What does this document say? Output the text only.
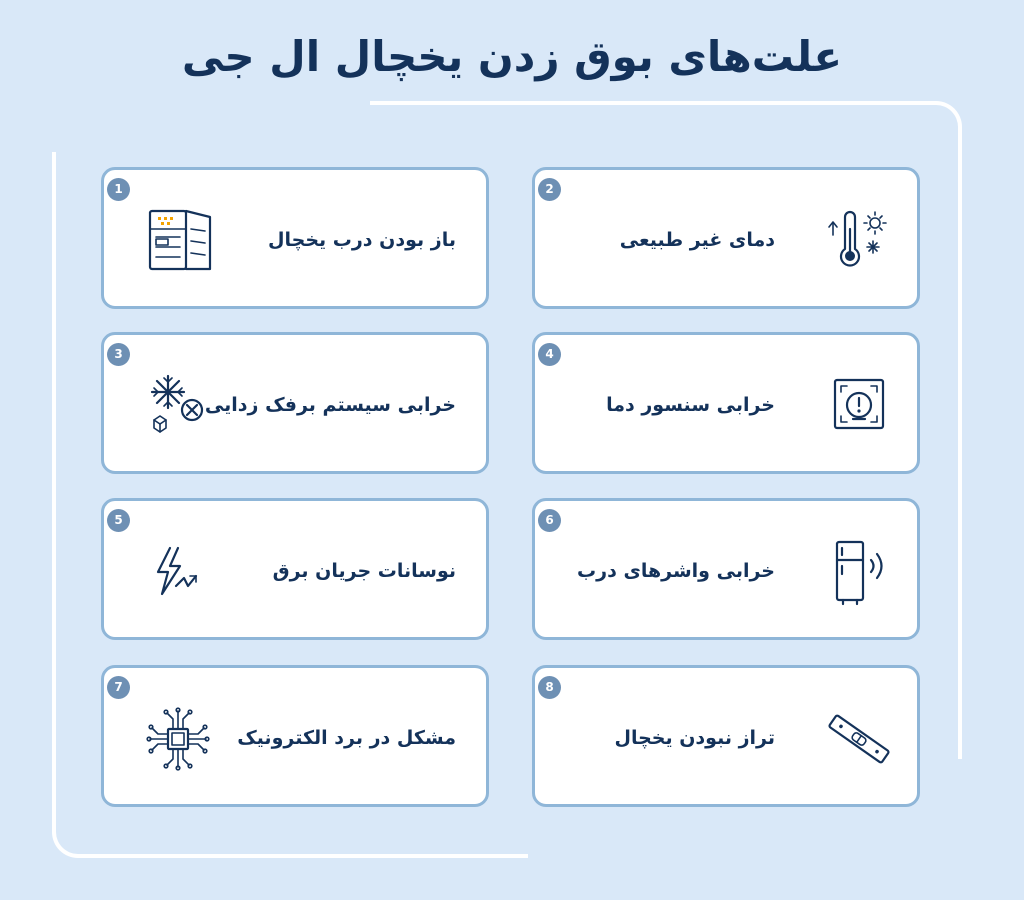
علت‌های بوق زدن یخچال ال جی
1
باز بودن درب یخچال
2
دمای غیر طبیعی
3
خرابی سیستم برفک زدایی
4
خرابی سنسور دما
5
نوسانات جریان برق
6
خرابی واشرهای درب
7
مشکل در برد الکترونیک
8
تراز نبودن یخچال
